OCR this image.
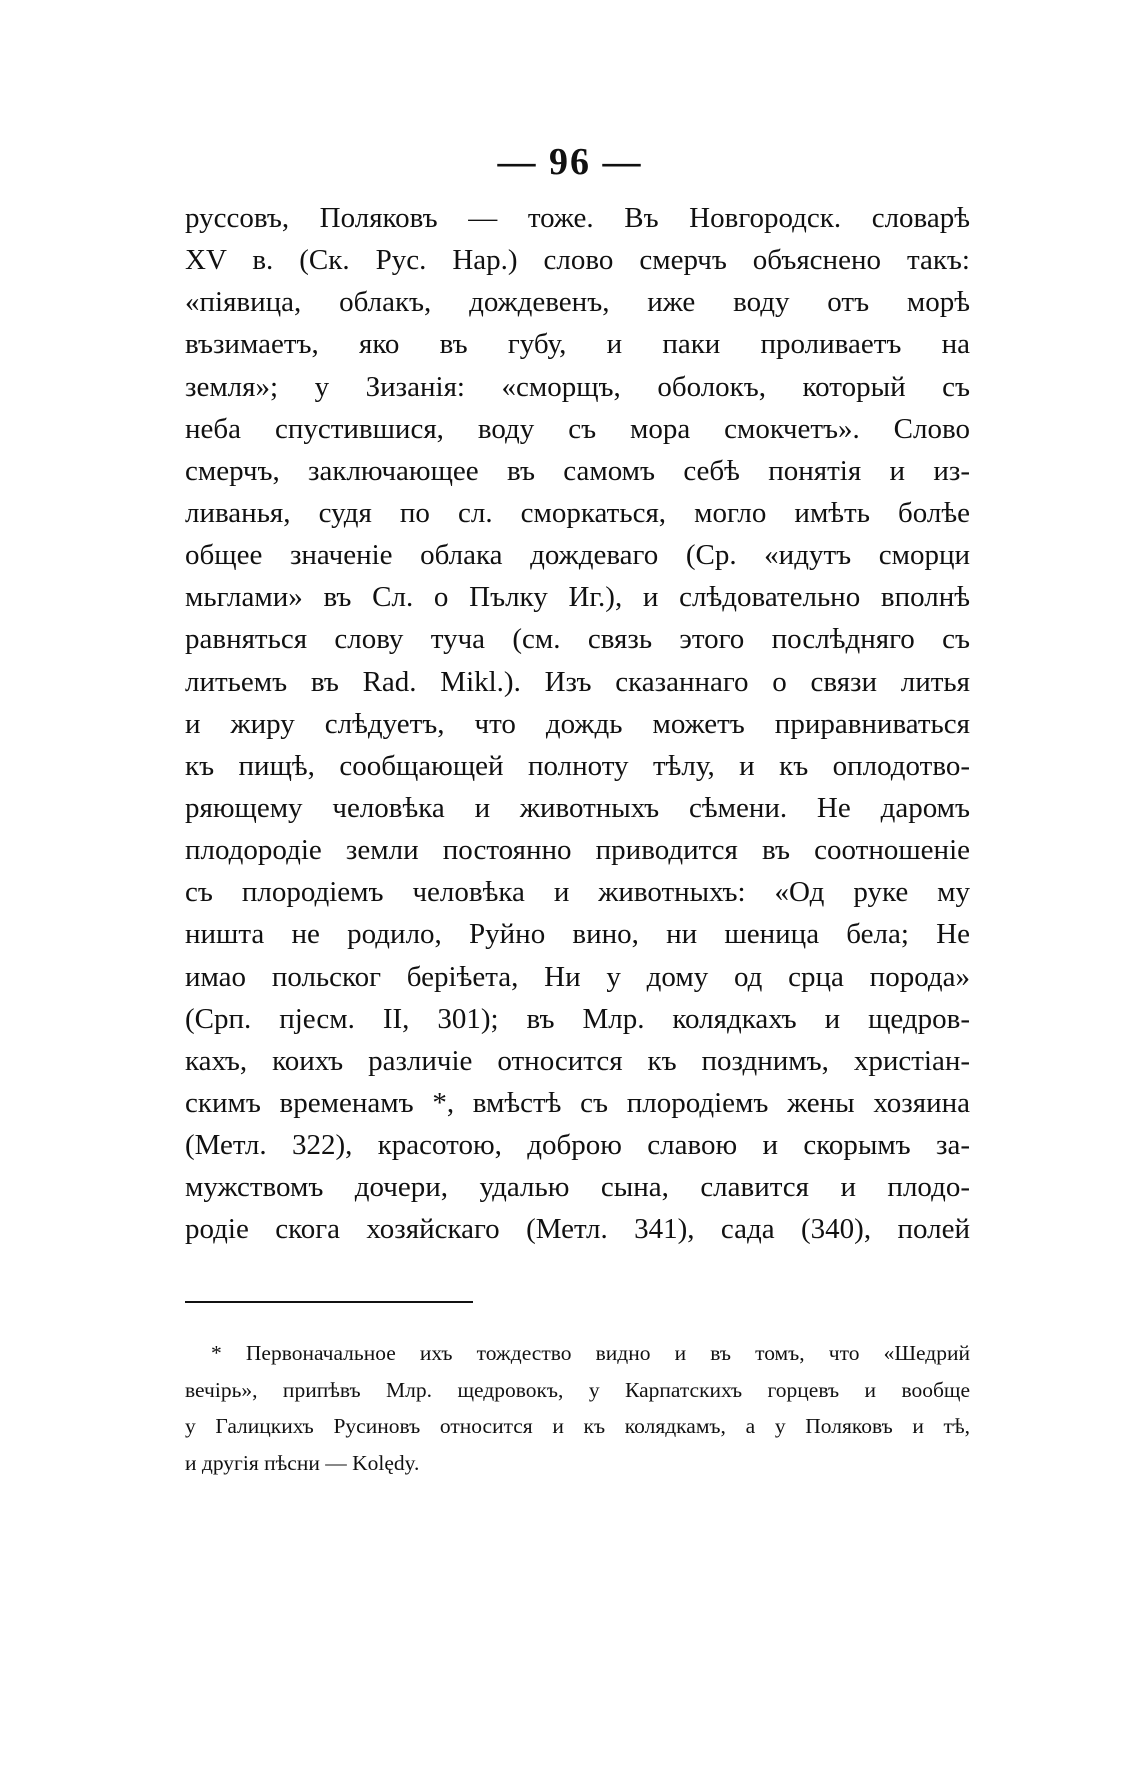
— 96 —
руссовъ, Поляковъ — тоже. Въ Новгородск. словарѣ
XV в. (Ск. Рус. Нар.) слово смерчъ объяснено такъ:
«піявица, облакъ, дождевенъ, иже воду отъ морѣ
възимаетъ, яко въ губу, и паки проливаетъ на
земля»; у Зизанія: «сморщъ, оболокъ, который съ
неба спустившися, воду съ мора смокчетъ». Слово
смерчъ, заключающее въ самомъ себѣ понятія и из-
ливанья, судя по сл. сморкаться, могло имѣть болѣе
общее значеніе облака дождеваго (Ср. «идутъ сморци
мьглами» въ Сл. о Пълку Иг.), и слѣдовательно вполнѣ
равняться слову туча (см. связь этого послѣдняго съ
литьемъ въ Rad. Mikl.). Изъ сказаннаго о связи литья
и жиру слѣдуетъ, что дождь можетъ приравниваться
къ пищѣ, сообщающей полноту тѣлу, и къ оплодотво-
ряющему человѣка и животныхъ сѣмени. Не даромъ
плодородіе земли постоянно приводится въ соотношеніе
съ плородіемъ человѣка и животныхъ: «Од руке му
ништа не родило, Руйно вино, ни шеница бела; Не
имао польског беріѣета, Ни у дому од срца порода»
(Срп. пјесм. II, 301); въ Млр. колядкахъ и щедров-
кахъ, коихъ различіе относится къ позднимъ, христіан-
скимъ временамъ *, вмѣстѣ съ плородіемъ жены хозяина
(Метл. 322), красотою, доброю славою и скорымъ за-
мужствомъ дочери, удалью сына, славится и плодо-
родіе скога хозяйскаго (Метл. 341), сада (340), полей
* Первоначальное ихъ тождество видно и въ томъ, что «Шедрий
вечірь», припѣвъ Млр. щедровокъ, у Карпатскихъ горцевъ и вообще
у Галицкихъ Русиновъ относится и къ колядкамъ, а у Поляковъ и тѣ,
и другія пѣсни — Kolędy.
